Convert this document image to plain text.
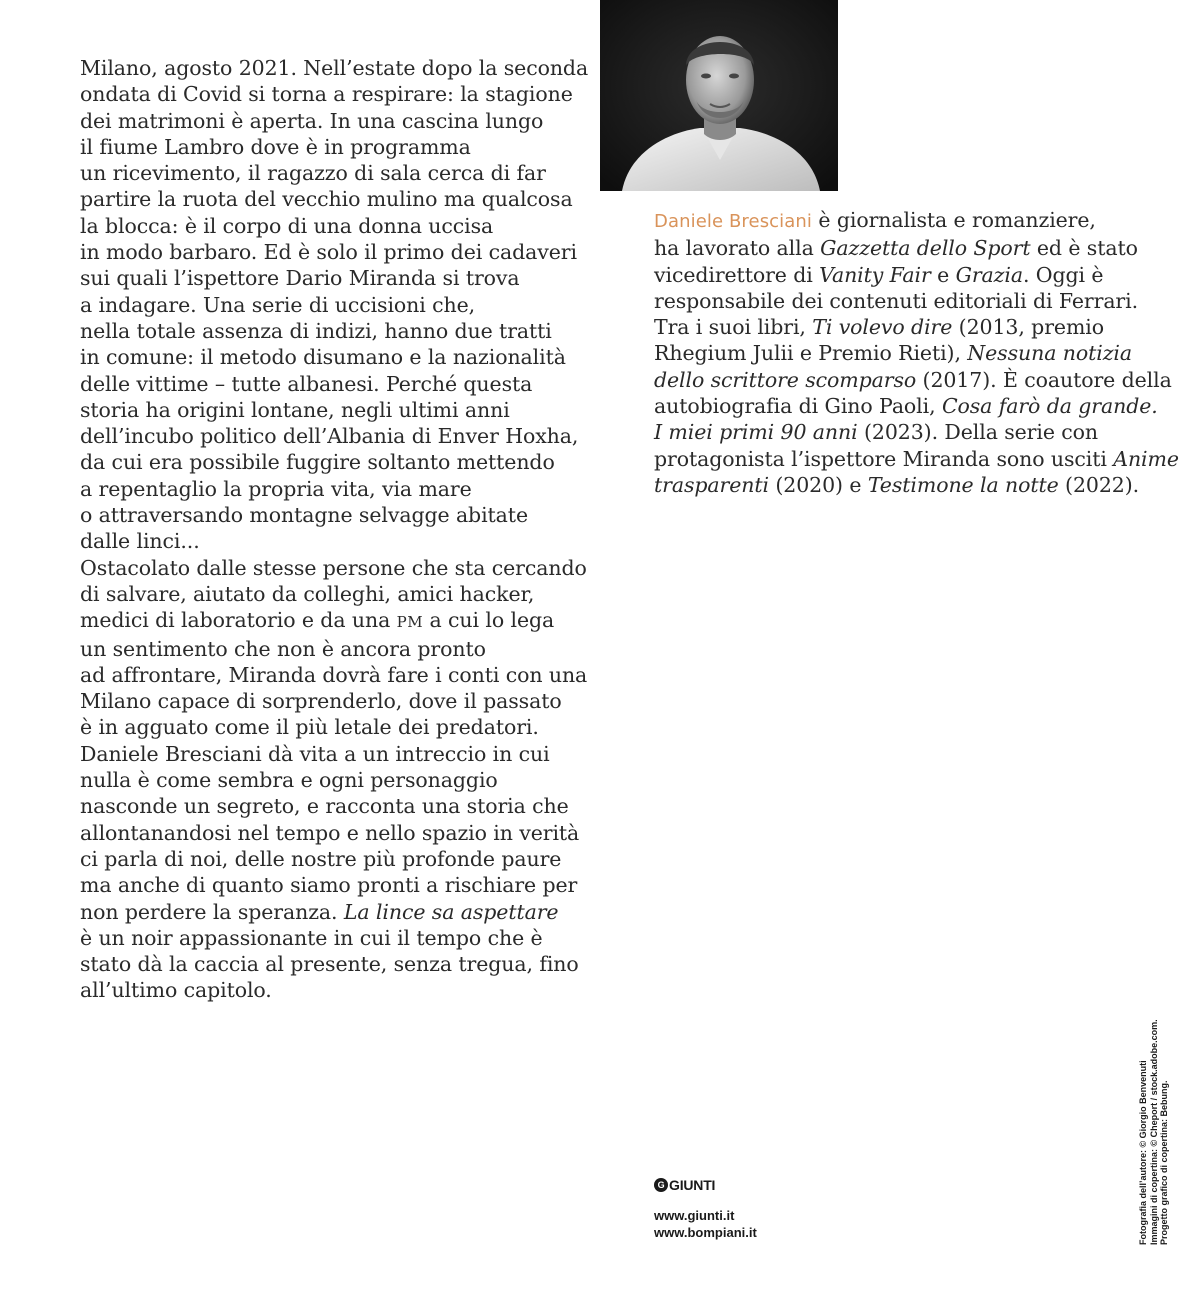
Milano, agosto 2021. Nell’estate dopo la seconda
ondata di Covid si torna a respirare: la stagione
dei matrimoni è aperta. In una cascina lungo
il fiume Lambro dove è in programma
un ricevimento, il ragazzo di sala cerca di far
partire la ruota del vecchio mulino ma qualcosa
la blocca: è il corpo di una donna uccisa
in modo barbaro. Ed è solo il primo dei cadaveri
sui quali l’ispettore Dario Miranda si trova
a indagare. Una serie di uccisioni che,
nella totale assenza di indizi, hanno due tratti
in comune: il metodo disumano e la nazionalità
delle vittime – tutte albanesi. Perché questa
storia ha origini lontane, negli ultimi anni
dell’incubo politico dell’Albania di Enver Hoxha,
da cui era possibile fuggire soltanto mettendo
a repentaglio la propria vita, via mare
o attraversando montagne selvagge abitate
dalle linci...
Ostacolato dalle stesse persone che sta cercando
di salvare, aiutato da colleghi, amici hacker,
medici di laboratorio e da una PM a cui lo lega
un sentimento che non è ancora pronto
ad affrontare, Miranda dovrà fare i conti con una
Milano capace di sorprenderlo, dove il passato
è in agguato come il più letale dei predatori.
Daniele Bresciani dà vita a un intreccio in cui
nulla è come sembra e ogni personaggio
nasconde un segreto, e racconta una storia che
allontanandosi nel tempo e nello spazio in verità
ci parla di noi, delle nostre più profonde paure
ma anche di quanto siamo pronti a rischiare per
non perdere la speranza. La lince sa aspettare
è un noir appassionante in cui il tempo che è
stato dà la caccia al presente, senza tregua, fino
all’ultimo capitolo.
Daniele Bresciani è giornalista e romanziere,
ha lavorato alla Gazzetta dello Sport ed è stato
vicedirettore di Vanity Fair e Grazia. Oggi è
responsabile dei contenuti editoriali di Ferrari.
Tra i suoi libri, Ti volevo dire (2013, premio
Rhegium Julii e Premio Rieti), Nessuna notizia
dello scrittore scomparso (2017). È coautore della
autobiografia di Gino Paoli, Cosa farò da grande.
I miei primi 90 anni (2023). Della serie con
protagonista l’ispettore Miranda sono usciti Anime
trasparenti (2020) e Testimone la notte (2022).
G GIUNTI
www.giunti.it
www.bompiani.it	Fotografia dell’autore: © Giorgio Benvenuti Immagini di copertina: © Cheport / stock.adobe.com. Progetto grafico di copertina: Bebung.
